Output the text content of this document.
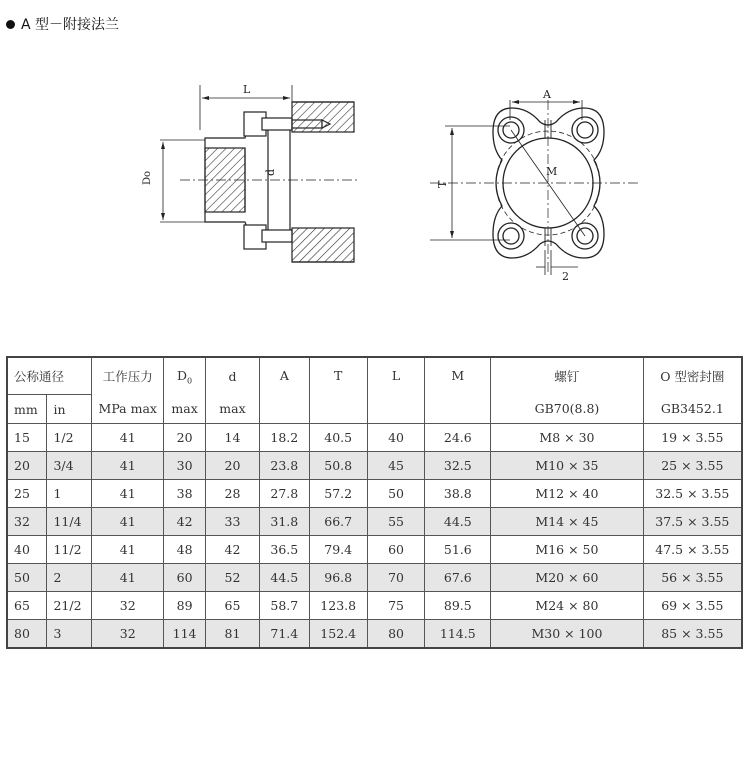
A 型－附接法兰
L
Do	d
A
T
M
2
公称通径		工作压力	$D_0$	d	A	T	L	M	螺钉	O 型密封圈
mm	in	MPa max	max	max					GB70(8.8)	GB3452.1
15	1/2	41	20	14	18.2	40.5	40	24.6	M8 × 30	19 × 3.55
20	3/4	41	30	20	23.8	50.8	45	32.5	M10 × 35	25 × 3.55
25	1	41	38	28	27.8	57.2	50	38.8	M12 × 40	32.5 × 3.55
32	11/4	41	42	33	31.8	66.7	55	44.5	M14 × 45	37.5 × 3.55
40	11/2	41	48	42	36.5	79.4	60	51.6	M16 × 50	47.5 × 3.55
50	2	41	60	52	44.5	96.8	70	67.6	M20 × 60	56 × 3.55
65	21/2	32	89	65	58.7	123.8	75	89.5	M24 × 80	69 × 3.55
80	3	32	114	81	71.4	152.4	80	114.5	M30 × 100	85 × 3.55
